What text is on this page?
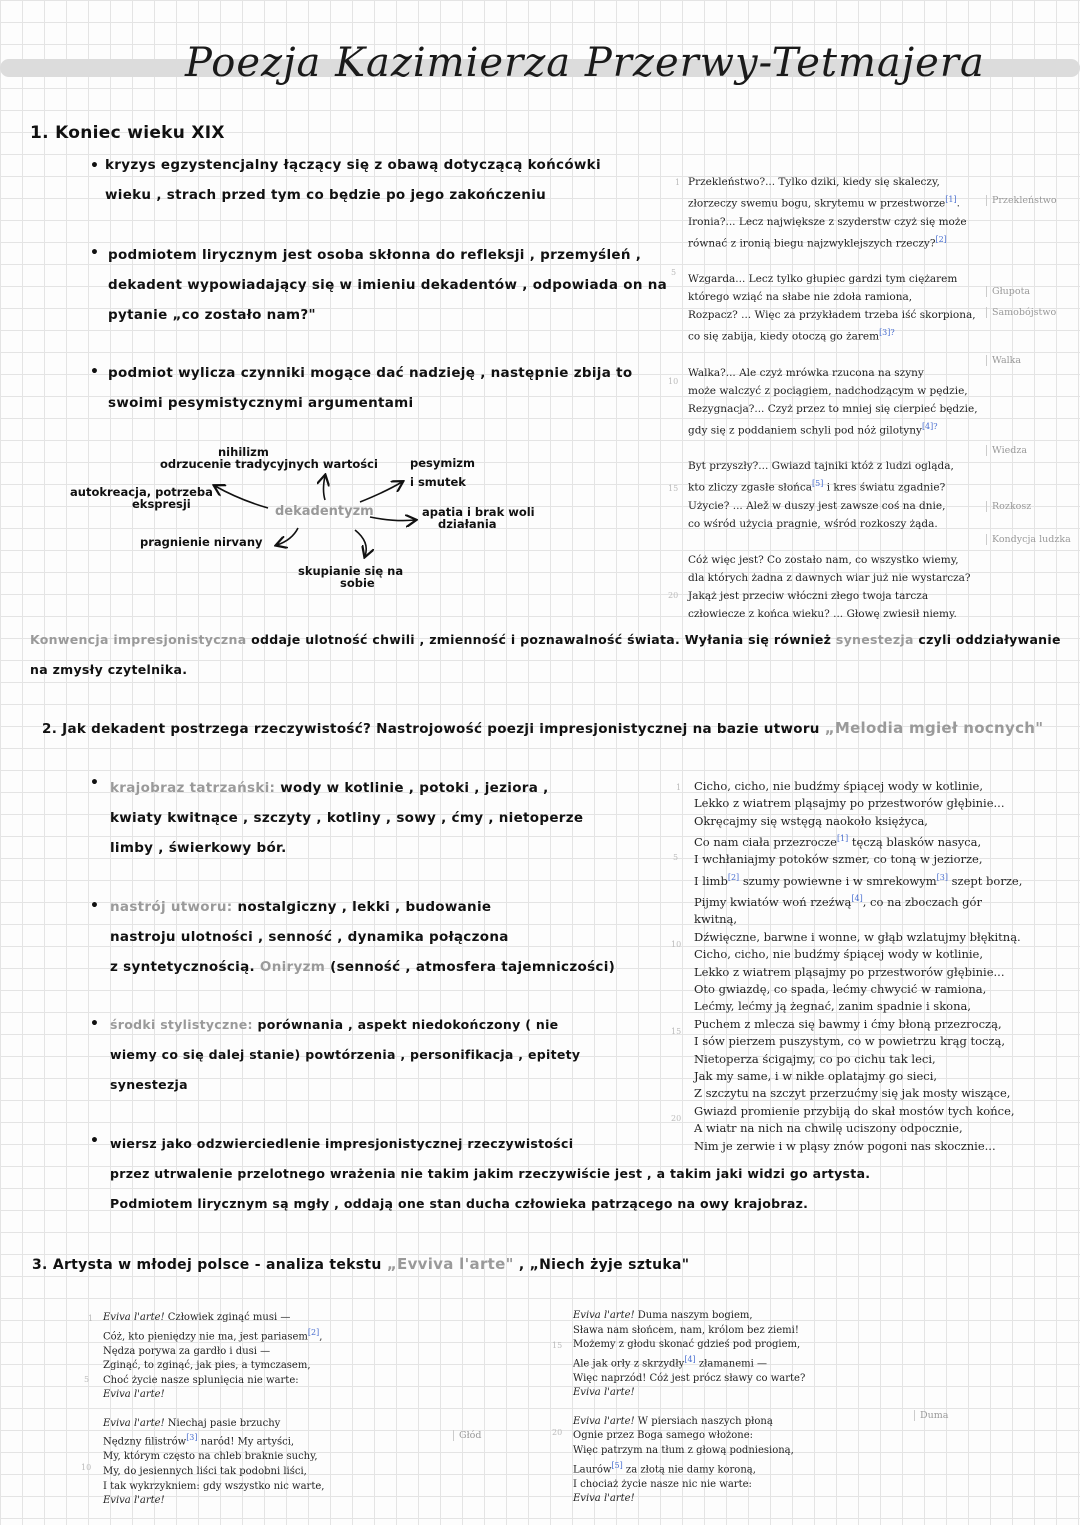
Poezja Kazimierza Przerwy-Tetmajera
1. Koniec wieku XIX
• kryzys egzystencjalny łączący się z obawą dotyczącą końcówki
wieku , strach przed tym co będzie po jego zakończeniu
• podmiotem lirycznym jest osoba skłonna do refleksji , przemyśleń ,
dekadent wypowiadający się w imieniu dekadentów , odpowiada on na
pytanie „co zostało nam?"
• podmiot wylicza czynniki mogące dać nadzieję , następnie zbija to
swoimi pesymistycznymi argumentami
nihilizm
odrzucenie tradycyjnych wartości	pesymizm
i smutek
autokreacja, potrzeba
ekspresji	dekadentyzm	apatia i brak woli
działania
pragnienie nirvany
skupianie się na
sobie
Przekleństwo?... Tylko dziki, kiedy się skaleczy,
złorzeczy swemu bogu, skrytemu w przestworze[1].
Ironia?... Lecz największe z szyderstw czyż się może
równać z ironią biegu najzwyklejszych rzeczy?[2]
Wzgarda... Lecz tylko głupiec gardzi tym ciężarem
którego wziąć na słabe nie zdoła ramiona,
Rozpacz? ... Więc za przykładem trzeba iść skorpiona,
co się zabija, kiedy otoczą go żarem$^{[3]?}$
Walka?... Ale czyż mrówka rzucona na szyny
może walczyć z pociągiem, nadchodzącym w pędzie,
Rezygnacja?... Czyż przez to mniej się cierpieć będzie,
gdy się z poddaniem schyli pod nóż gilotyny$^{[4]?}$
Byt przyszły?... Gwiazd tajniki któż z ludzi ogląda,
kto zliczy zgasłe słońca[5] i kres światu zgadnie?
Użycie? ... Alež w duszy jest zawsze coś na dnie,
co wśród użycia pragnie, wśród rozkoszy żąda.
Cóż więc jest? Co zostało nam, co wszystko wiemy,
dla których żadna z dawnych wiar już nie wystarcza?
Jakąż jest przeciw włóczni złego twoja tarcza
człowiecze z końca wieku? ... Głowę zwiesił niemy.
1
5
10
15
20
Przekleństwo
Głupota
Samobójstwo
Walka
Wiedza
Rozkosz
Kondycja ludzka
Konwencja impresjonistyczna oddaje ulotność chwili , zmienność i poznawalność świata. Wyłania się również synestezja czyli oddziaływanie
na zmysły czytelnika.
2. Jak dekadent postrzega rzeczywistość? Nastrojowość poezji impresjonistycznej na bazie utworu „Melodia mgieł nocnych"
• krajobraz tatrzański: wody w kotlinie , potoki , jeziora ,
kwiaty kwitnące , szczyty , kotliny , sowy , ćmy , nietoperze
limby , świerkowy bór.
• nastrój utworu: nostalgiczny , lekki , budowanie
nastroju ulotności , senność , dynamika połączona
z syntetycznością. Oniryzm (senność , atmosfera tajemniczości)
• środki stylistyczne: porównania , aspekt niedokończony ( nie
wiemy co się dalej stanie) powtórzenia , personifikacja , epitety
synestezja
• wiersz jako odzwierciedlenie impresjonistycznej rzeczywistości
przez utrwalenie przelotnego wrażenia nie takim jakim rzeczywiście jest , a takim jaki widzi go artysta.
Podmiotem lirycznym są mgły , oddają one stan ducha człowieka patrzącego na owy krajobraz.
Cicho, cicho, nie budźmy śpiącej wody w kotlinie,
Lekko z wiatrem pląsajmy po przestworów głębinie...
Okręcajmy się wstęgą naokoło księżyca,
Co nam ciała przezrocze[1] tęczą blasków nasyca,
I wchłaniajmy potoków szmer, co toną w jeziorze,
I limb[2] szumy powiewne i w smrekowym[3] szept borze,
Pijmy kwiatów woń rzeźwą[4], co na zboczach gór kwitną,
Dźwięczne, barwne i wonne, w głąb wzlatujmy błękitną.
Cicho, cicho, nie budźmy śpiącej wody w kotlinie,
Lekko z wiatrem pląsajmy po przestworów głębinie...
Oto gwiazdę, co spada, lećmy chwycić w ramiona,
Lećmy, lećmy ją żegnać, zanim spadnie i skona,
Puchem z mlecza się bawmy i ćmy błoną przezroczą,
I sów pierzem puszystym, co w powietrzu krąg toczą,
Nietoperza ścigajmy, co po cichu tak leci,
Jak my same, i w nikłe oplatajmy go sieci,
Z szczytu na szczyt przerzućmy się jak mosty wiszące,
Gwiazd promienie przybiją do skał mostów tych końce,
A wiatr na nich na chwilę uciszony odpocznie,
Nim je zerwie i w pląsy znów pogoni nas skocznie...
1
5
10
15
20
3. Artysta w młodej polsce - analiza tekstu „Evviva l'arte" , „Niech żyje sztuka"
Eviva l'arte! Człowiek zginąć musi —
Cóż, kto pieniędzy nie ma, jest pariasem[2],
Nędza porywa za gardło i dusi —
Zginąć, to zginąć, jak pies, a tymczasem,
Choć życie nasze splunięcia nie warte:
Eviva l'arte!
Eviva l'arte! Niechaj pasie brzuchy
Nędzny filistrów[3] naród! My artyści,
My, którym często na chleb braknie suchy,
My, do jesiennych liści tak podobni liści,
I tak wykrzykniem: gdy wszystko nic warte,
Eviva l'arte!
1
5
10
Głód
Eviva l'arte! Duma naszym bogiem,
Sława nam słońcem, nam, królom bez ziemi!
Możemy z głodu skonać gdzieś pod progiem,
Ale jak orły z skrzydły[4] złamanemi —
Więc naprzód! Cóż jest prócz sławy co warte?
Eviva l'arte!
Eviva l'arte! W piersiach naszych płoną
Ognie przez Boga samego włożone:
Więc patrzym na tłum z głową podniesioną,
Laurów[5] za złotą nie damy koroną,
I chociaż życie nasze nic nie warte:
Eviva l'arte!
15
20
Duma
